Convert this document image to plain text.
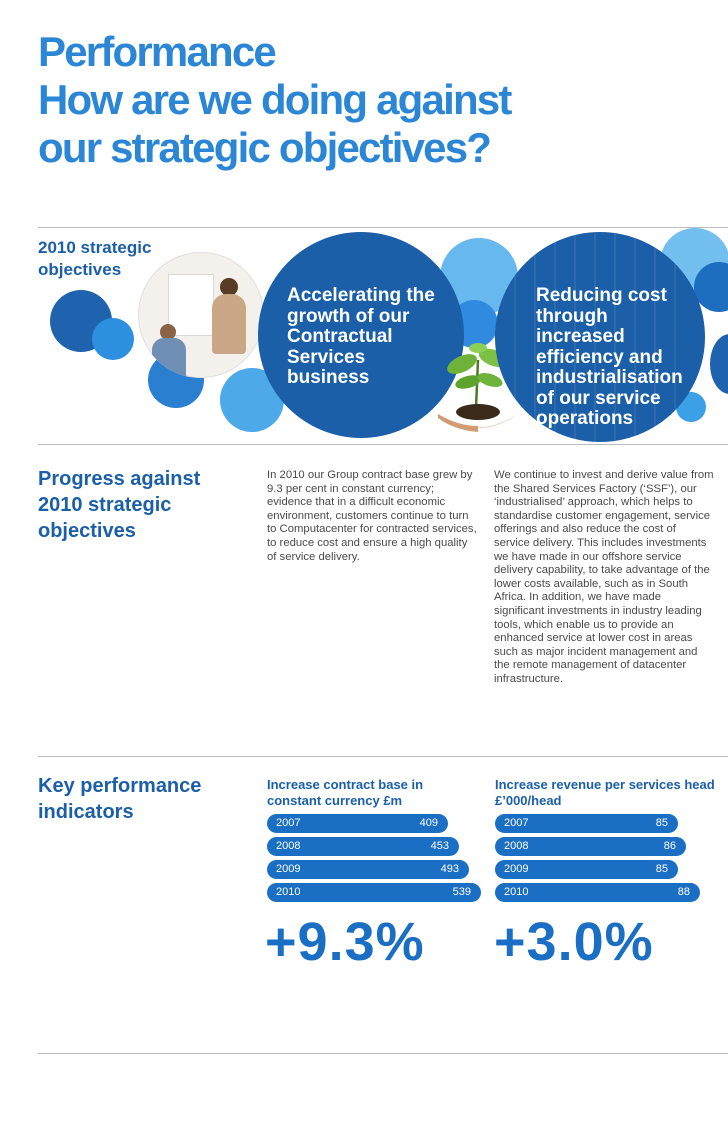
Performance
How are we doing against
our strategic objectives?
2010 strategic objectives
Accelerating the growth of our Contractual Services business
Reducing cost through increased efficiency and industrialisation of our service operations
Progress against 2010 strategic objectives
In 2010 our Group contract base grew by 9.3 per cent in constant currency; evidence that in a difficult economic environment, customers continue to turn to Computacenter for contracted services, to reduce cost and ensure a high quality of service delivery.
We continue to invest and derive value from the Shared Services Factory (‘SSF’), our ‘industrialised’ approach, which helps to standardise customer engagement, service offerings and also reduce the cost of service delivery. This includes investments we have made in our offshore service delivery capability, to take advantage of the lower costs available, such as in South Africa. In addition, we have made significant investments in industry leading tools, which enable us to provide an enhanced service at lower cost in areas such as major incident management and the remote management of datacenter infrastructure.
Key performance indicators
Increase contract base in constant currency £m
Increase revenue per services head £’000/head
2007	409
2008	453
2009	493
2010	539
2007	85
2008	86
2009	85
2010	88
+9.3% +3.0%
